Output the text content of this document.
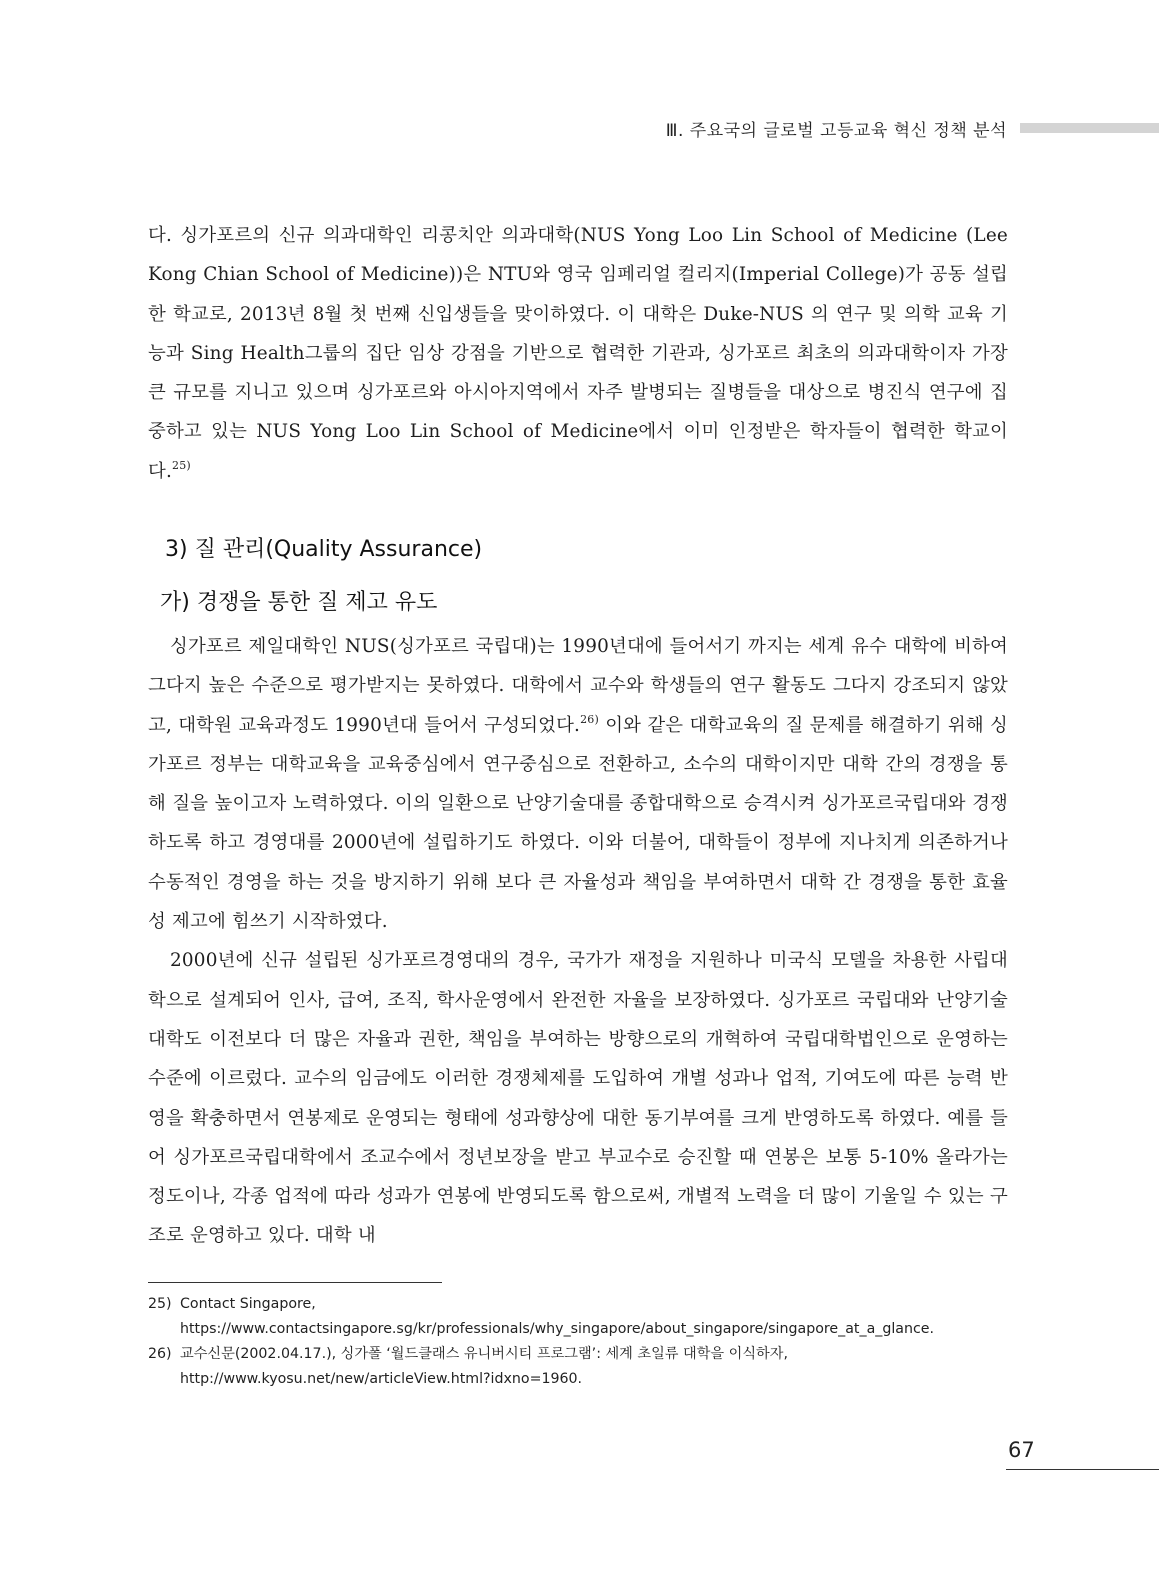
Ⅲ. 주요국의 글로벌 고등교육 혁신 정책 분석

다. 싱가포르의 신규 의과대학인 리콩치안 의과대학(NUS Yong Loo Lin School of Medicine (Lee Kong Chian School of Medicine))은 NTU와 영국 임페리얼 컬리지(Imperial College)가 공동 설립한 학교로, 2013년 8월 첫 번째 신입생들을 맞이하였다. 이 대학은 Duke-NUS 의 연구 및 의학 교육 기능과 Sing Health그룹의 집단 임상 강점을 기반으로 협력한 기관과, 싱가포르 최초의 의과대학이자 가장 큰 규모를 지니고 있으며 싱가포르와 아시아지역에서 자주 발병되는 질병들을 대상으로 병진식 연구에 집중하고 있는 NUS Yong Loo Lin School of Medicine에서 이미 인정받은 학자들이 협력한 학교이다.$^{25)}$

3) 질 관리(Quality Assurance)
가) 경쟁을 통한 질 제고 유도

싱가포르 제일대학인 NUS(싱가포르 국립대)는 1990년대에 들어서기 까지는 세계 유수 대학에 비하여 그다지 높은 수준으로 평가받지는 못하였다. 대학에서 교수와 학생들의 연구 활동도 그다지 강조되지 않았고, 대학원 교육과정도 1990년대 들어서 구성되었다.$^{26)}$ 이와 같은 대학교육의 질 문제를 해결하기 위해 싱가포르 정부는 대학교육을 교육중심에서 연구중심으로 전환하고, 소수의 대학이지만 대학 간의 경쟁을 통해 질을 높이고자 노력하였다. 이의 일환으로 난양기술대를 종합대학으로 승격시켜 싱가포르국립대와 경쟁하도록 하고 경영대를 2000년에 설립하기도 하였다. 이와 더불어, 대학들이 정부에 지나치게 의존하거나 수동적인 경영을 하는 것을 방지하기 위해 보다 큰 자율성과 책임을 부여하면서 대학 간 경쟁을 통한 효율성 제고에 힘쓰기 시작하였다.

2000년에 신규 설립된 싱가포르경영대의 경우, 국가가 재정을 지원하나 미국식 모델을 차용한 사립대학으로 설계되어 인사, 급여, 조직, 학사운영에서 완전한 자율을 보장하였다. 싱가포르 국립대와 난양기술대학도 이전보다 더 많은 자율과 권한, 책임을 부여하는 방향으로의 개혁하여 국립대학법인으로 운영하는 수준에 이르렀다. 교수의 임금에도 이러한 경쟁체제를 도입하여 개별 성과나 업적, 기여도에 따른 능력 반영을 확충하면서 연봉제로 운영되는 형태에 성과향상에 대한 동기부여를 크게 반영하도록 하였다. 예를 들어 싱가포르국립대학에서 조교수에서 정년보장을 받고 부교수로 승진할 때 연봉은 보통 5-10% 올라가는 정도이나, 각종 업적에 따라 성과가 연봉에 반영되도록 함으로써, 개별적 노력을 더 많이 기울일 수 있는 구조로 운영하고 있다. 대학 내

25) Contact Singapore,
https://www.contactsingapore.sg/kr/professionals/why_singapore/about_singapore/singapore_at_a_glance.

26) 교수신문(2002.04.17.), 싱가폴 ‘월드클래스 유니버시티 프로그램’: 세계 초일류 대학을 이식하자,
http://www.kyosu.net/new/articleView.html?idxno=1960.

67
